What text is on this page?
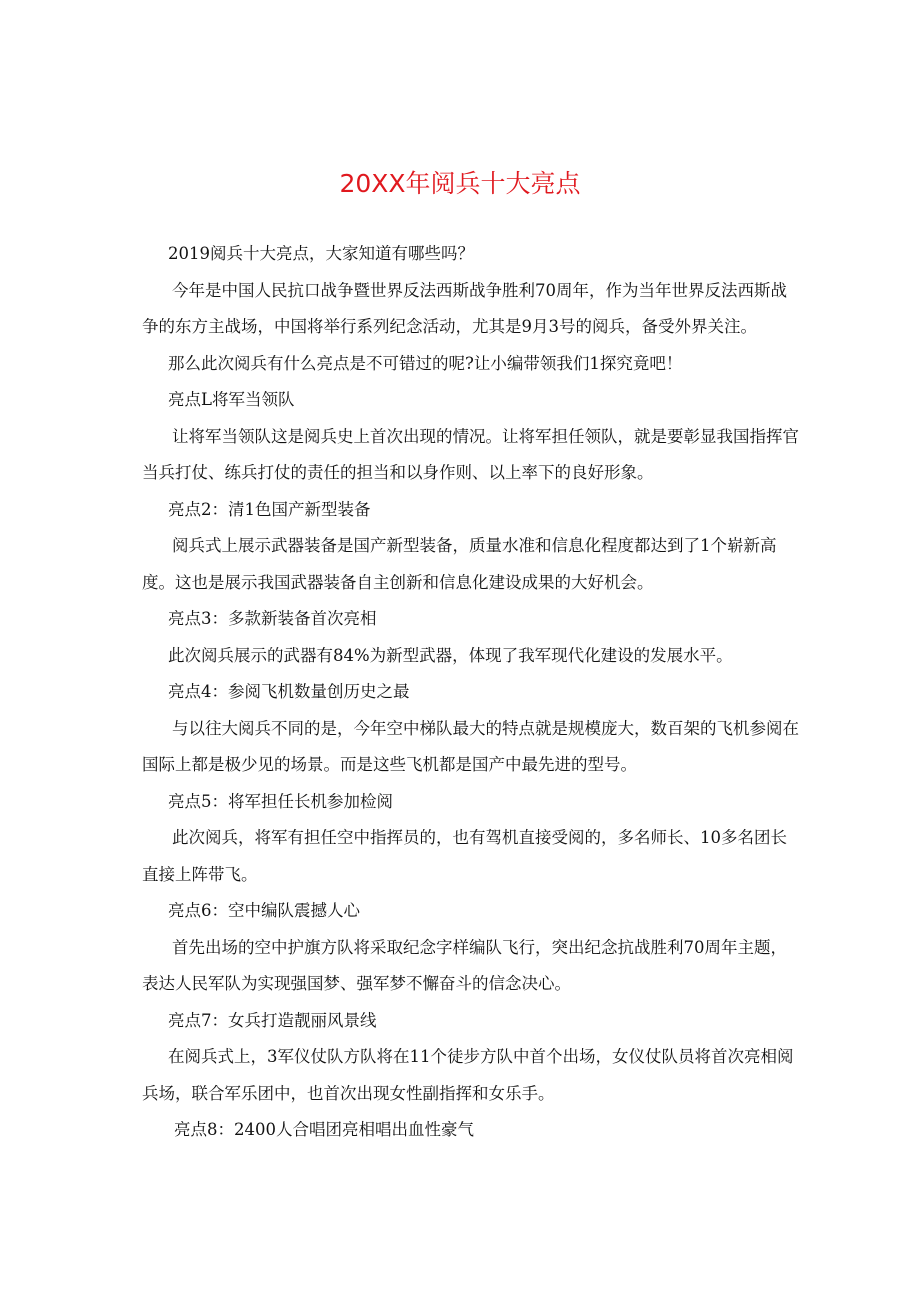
20XX年阅兵十大亮点

2019阅兵十大亮点，大家知道有哪些吗？

今年是中国人民抗口战争暨世界反法西斯战争胜利70周年，作为当年世界反法西斯战争的东方主战场，中国将举行系列纪念活动，尤其是9月3号的阅兵，备受外界关注。

那么此次阅兵有什么亮点是不可错过的呢?让小编带领我们1探究竟吧！

亮点L将军当领队

让将军当领队这是阅兵史上首次出现的情况。让将军担任领队，就是要彰显我国指挥官当兵打仗、练兵打仗的责任的担当和以身作则、以上率下的良好形象。

亮点2：清1色国产新型装备

阅兵式上展示武器装备是国产新型装备，质量水准和信息化程度都达到了1个崭新高度。这也是展示我国武器装备自主创新和信息化建设成果的大好机会。

亮点3：多款新装备首次亮相

此次阅兵展示的武器有84%为新型武器，体现了我军现代化建设的发展水平。

亮点4：参阅飞机数量创历史之最

与以往大阅兵不同的是，今年空中梯队最大的特点就是规模庞大，数百架的飞机参阅在国际上都是极少见的场景。而是这些飞机都是国产中最先进的型号。

亮点5：将军担任长机参加检阅

此次阅兵，将军有担任空中指挥员的，也有驾机直接受阅的，多名师长、10多名团长直接上阵带飞。

亮点6：空中编队震撼人心

首先出场的空中护旗方队将采取纪念字样编队飞行，突出纪念抗战胜利70周年主题，表达人民军队为实现强国梦、强军梦不懈奋斗的信念决心。

亮点7：女兵打造靓丽风景线

在阅兵式上，3军仪仗队方队将在11个徒步方队中首个出场，女仪仗队员将首次亮相阅兵场，联合军乐团中，也首次出现女性副指挥和女乐手。

亮点8：2400人合唱团亮相唱出血性豪气
